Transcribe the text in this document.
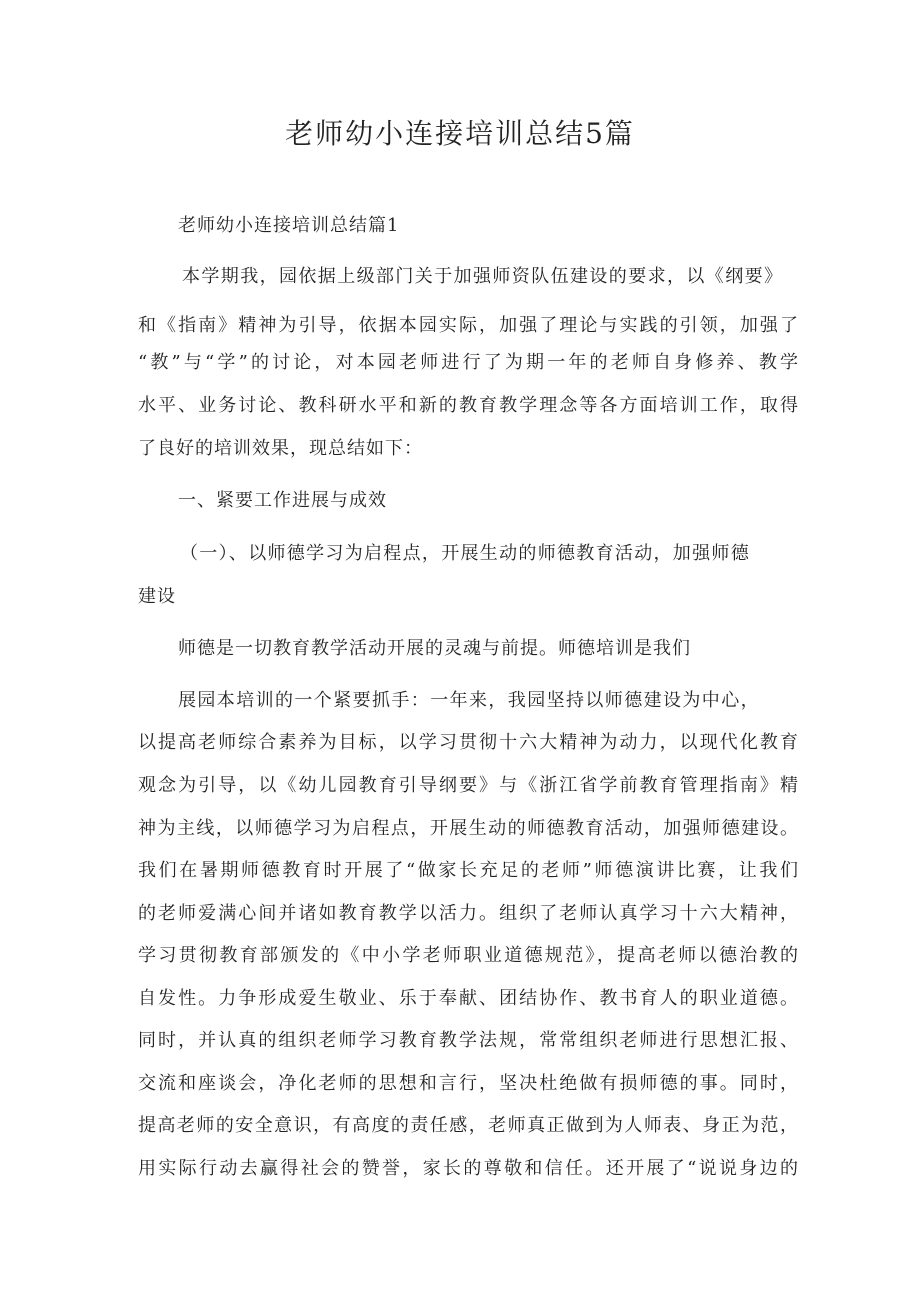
老师幼小连接培训总结5篇

老师幼小连接培训总结篇1

本学期我，园依据上级部门关于加强师资队伍建设的要求，以《纲要》

和《指南》精神为引导，依据本园实际，加强了理论与实践的引领，加强了

“教”与“学”的讨论，对本园老师进行了为期一年的老师自身修养、教学

水平、业务讨论、教科研水平和新的教育教学理念等各方面培训工作，取得

了良好的培训效果，现总结如下：

一、紧要工作进展与成效

（一）、以师德学习为启程点，开展生动的师德教育活动，加强师德

建设

师德是一切教育教学活动开展的灵魂与前提。师德培训是我们

展园本培训的一个紧要抓手：一年来，我园坚持以师德建设为中心，

以提高老师综合素养为目标，以学习贯彻十六大精神为动力，以现代化教育

观念为引导，以《幼儿园教育引导纲要》与《浙江省学前教育管理指南》精

神为主线，以师德学习为启程点，开展生动的师德教育活动，加强师德建设。

我们在暑期师德教育时开展了“做家长充足的老师”师德演讲比赛，让我们

的老师爱满心间并诸如教育教学以活力。组织了老师认真学习十六大精神，

学习贯彻教育部颁发的《中小学老师职业道德规范》，提高老师以德治教的

自发性。力争形成爱生敬业、乐于奉献、团结协作、教书育人的职业道德。

同时，并认真的组织老师学习教育教学法规，常常组织老师进行思想汇报、

交流和座谈会，净化老师的思想和言行，坚决杜绝做有损师德的事。同时，

提高老师的安全意识，有高度的责任感，老师真正做到为人师表、身正为范，

用实际行动去赢得社会的赞誉，家长的尊敬和信任。还开展了“说说身边的
